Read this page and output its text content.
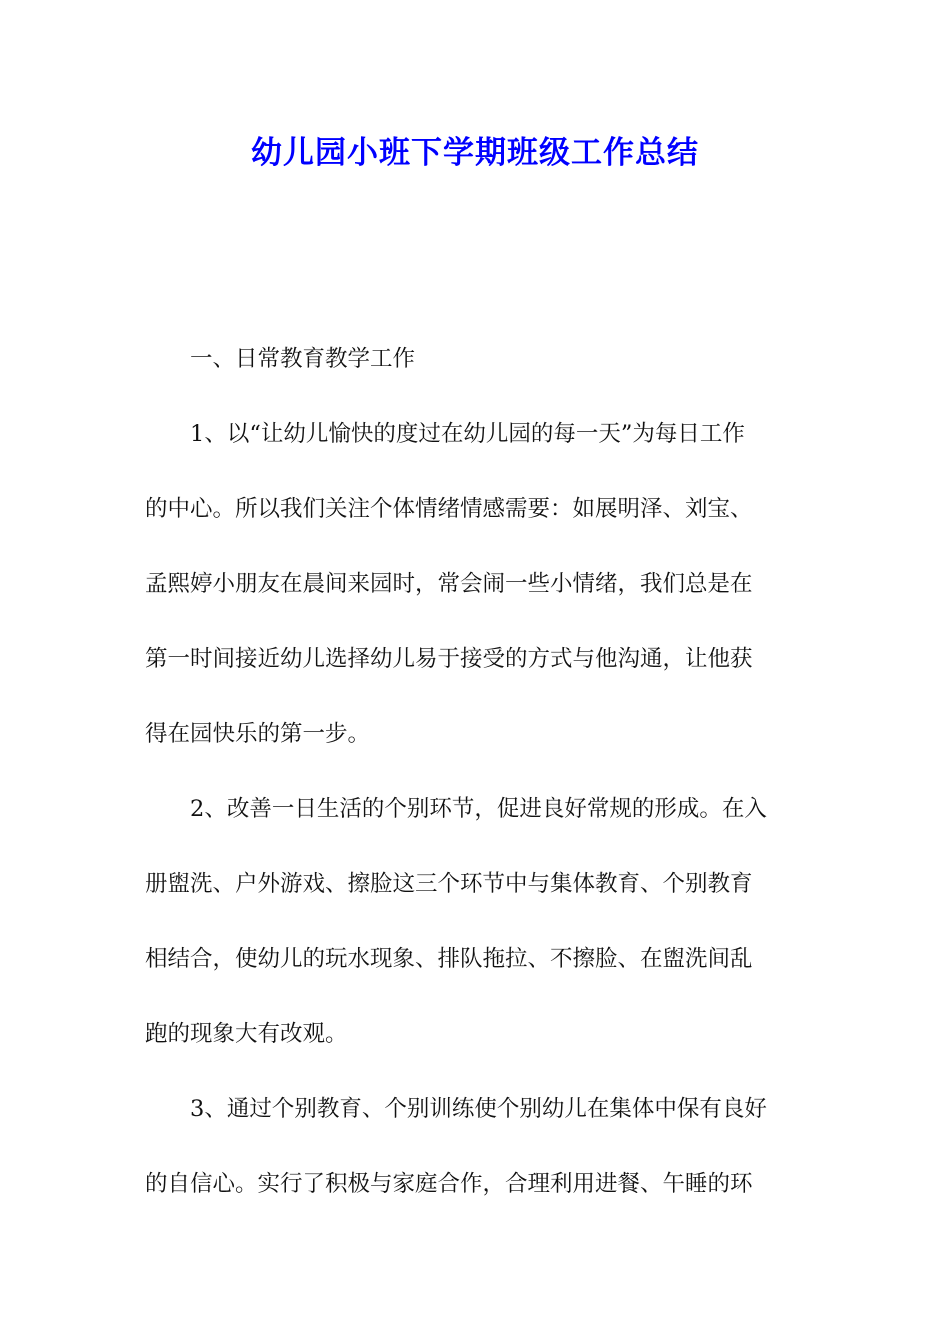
幼儿园小班下学期班级工作总结
一、日常教育教学工作
1、以“让幼儿愉快的度过在幼儿园的每一天”为每日工作
的中心。所以我们关注个体情绪情感需要：如展明泽、刘宝、
孟熙婷小朋友在晨间来园时，常会闹一些小情绪，我们总是在
第一时间接近幼儿选择幼儿易于接受的方式与他沟通，让他获
得在园快乐的第一步。
2、改善一日生活的个别环节，促进良好常规的形成。在入
册盥洗、户外游戏、擦脸这三个环节中与集体教育、个别教育
相结合，使幼儿的玩水现象、排队拖拉、不擦脸、在盥洗间乱
跑的现象大有改观。
3、通过个别教育、个别训练使个别幼儿在集体中保有良好
的自信心。实行了积极与家庭合作，合理利用进餐、午睡的环
